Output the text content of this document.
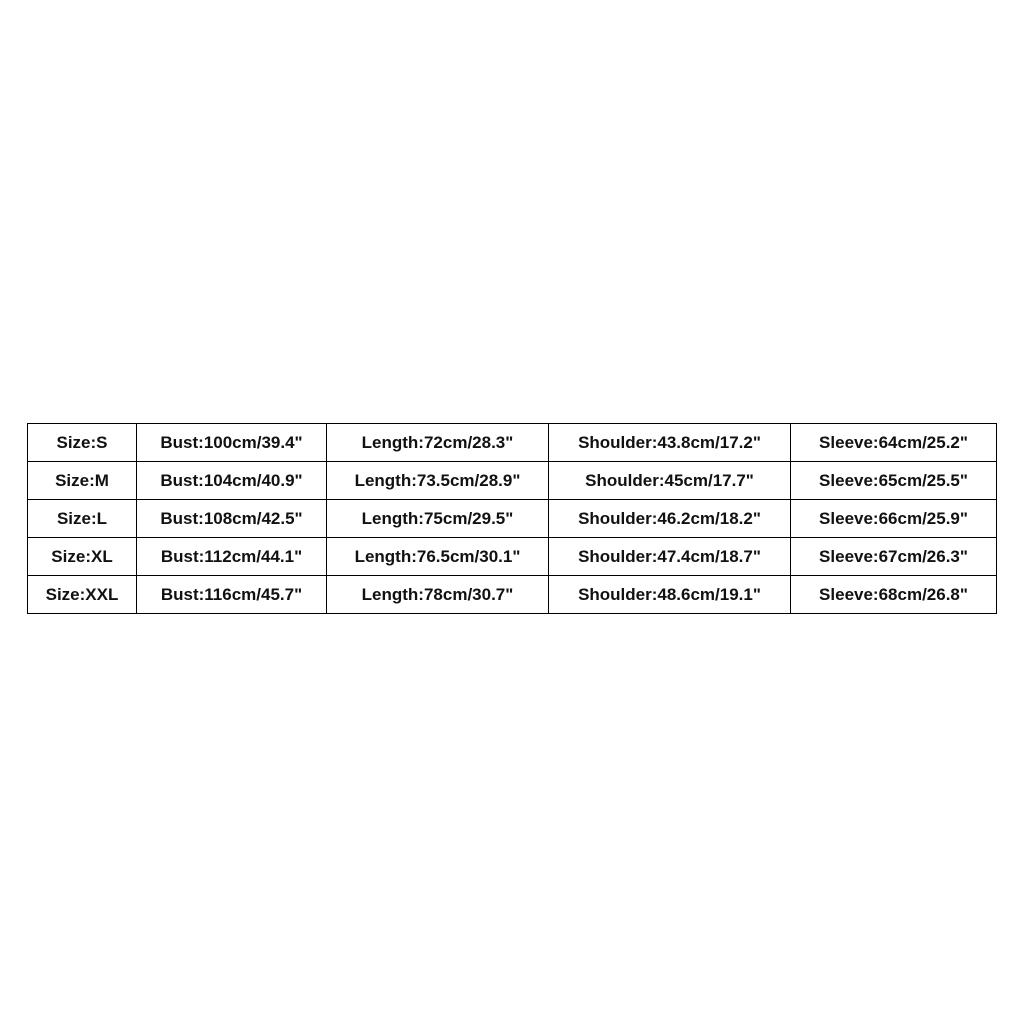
Size:S	Bust:100cm/39.4"	Length:72cm/28.3"	Shoulder:43.8cm/17.2"	Sleeve:64cm/25.2"
Size:M	Bust:104cm/40.9"	Length:73.5cm/28.9"	Shoulder:45cm/17.7"	Sleeve:65cm/25.5"
Size:L	Bust:108cm/42.5"	Length:75cm/29.5"	Shoulder:46.2cm/18.2"	Sleeve:66cm/25.9"
Size:XL	Bust:112cm/44.1"	Length:76.5cm/30.1"	Shoulder:47.4cm/18.7"	Sleeve:67cm/26.3"
Size:XXL	Bust:116cm/45.7"	Length:78cm/30.7"	Shoulder:48.6cm/19.1"	Sleeve:68cm/26.8"
